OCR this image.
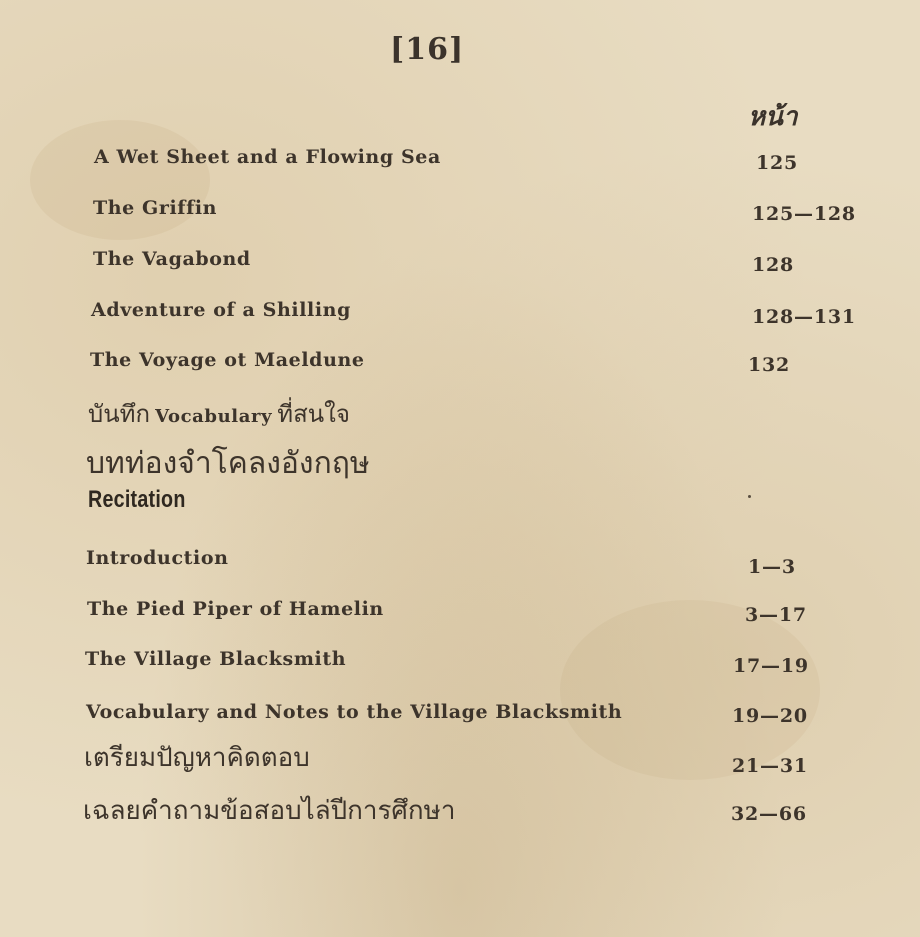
[16]
หน้า
A Wet Sheet and a Flowing Sea	125
The Griffin	125—128
The Vagabond	128
Adventure of a Shilling	128—131
The Voyage ot Maeldune	132
บันทึก Vocabulary ที่สนใจ
บทท่องจำโคลงอังกฤษ
Recitation
Introduction	1—3
The Pied Piper of Hamelin	3—17
The Village Blacksmith	17—19
Vocabulary and Notes to the Village Blacksmith	19—20
เตรียมปัญหาคิดตอบ	21—31
เฉลยคำถามข้อสอบไล่ปีการศึกษา	32—66
